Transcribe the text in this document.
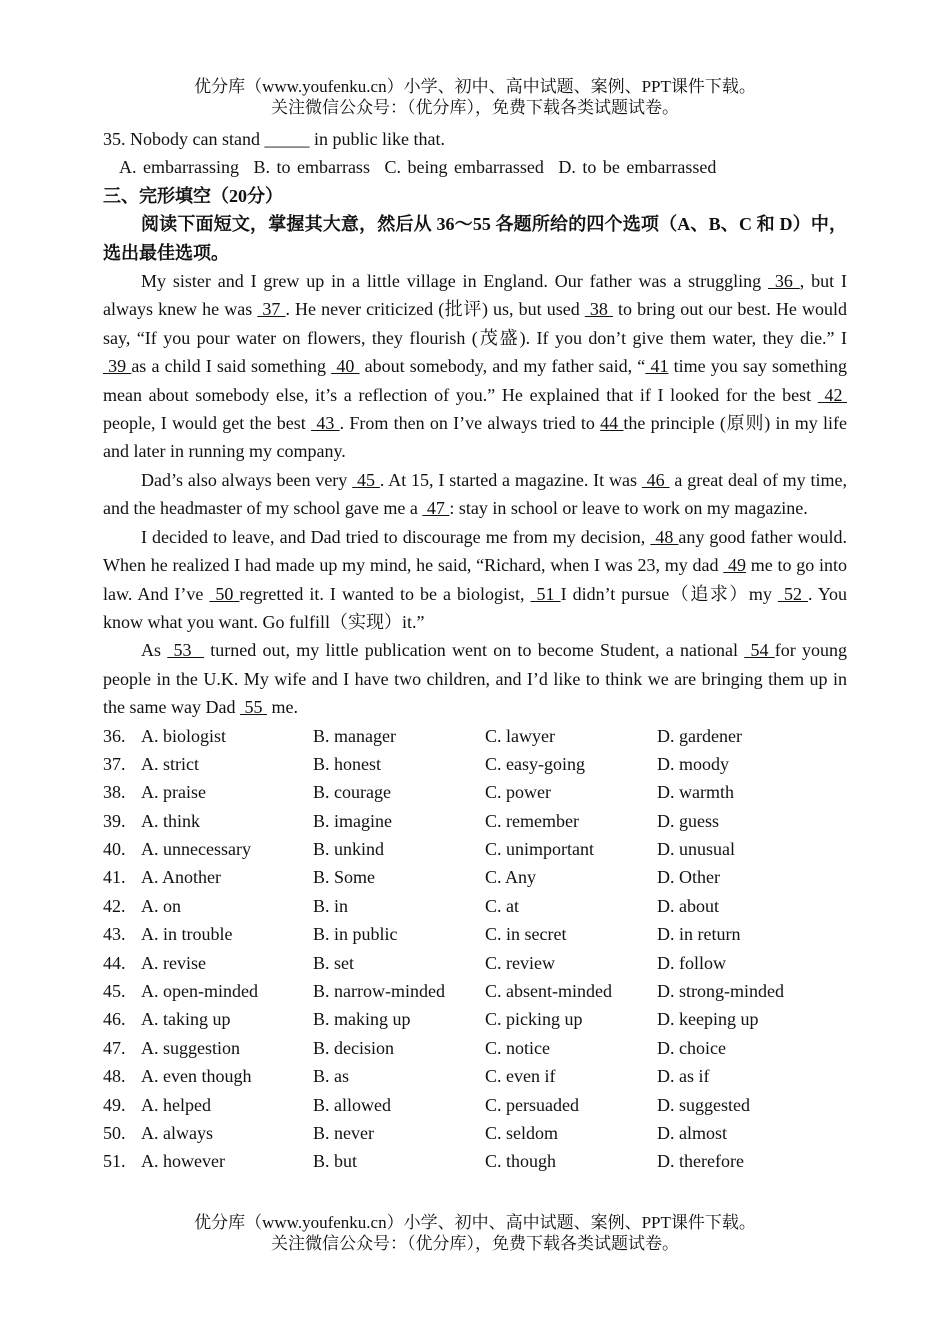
优分库（www.youfenku.cn）小学、初中、高中试题、案例、PPT课件下载。
关注微信公众号：（优分库），免费下载各类试题试卷。
35. Nobody can stand _____ in public like that.
A. embarrassing B. to embarrass C. being embarrassed D. to be embarrassed
三、完形填空（20分）
阅读下面短文，掌握其大意，然后从 36～55 各题所给的四个选项（A、B、C 和 D）中，选出最佳选项。
My sister and I grew up in a little village in England. Our father was a struggling  36 , but I always knew he was  37 . He never criticized (批评) us, but used  38  to bring out our best. He would say, “If you pour water on flowers, they flourish (茂盛). If you don’t give them water, they die.” I  39 as a child I said something  40  about somebody, and my father said, “ 41 time you say something mean about somebody else, it’s a reflection of you.” He explained that if I looked for the best  42  people, I would get the best  43 . From then on I’ve always tried to 44 the principle (原则) in my life and later in running my company.
Dad’s also always been very  45 . At 15, I started a magazine. It was  46  a great deal of my time, and the headmaster of my school gave me a  47 : stay in school or leave to work on my magazine.
I decided to leave, and Dad tried to discourage me from my decision,  48 any good father would. When he realized I had made up my mind, he said, “Richard, when I was 23, my dad  49 me to go into law. And I’ve  50 regretted it. I wanted to be a biologist,  51 I didn’t pursue（追求）my  52 . You know what you want. Go fulfill（实现）it.”
As  53   turned out, my little publication went on to become Student, a national  54 for young people in the U.K. My wife and I have two children, and I’d like to think we are bringing them up in the same way Dad  55  me.
36. A. biologist	B. manager	C. lawyer	D. gardener
37. A. strict	B. honest	C. easy-going	D. moody
38. A. praise	B. courage	C. power	D. warmth
39. A. think	B. imagine	C. remember	D. guess
40. A. unnecessary	B. unkind	C. unimportant	D. unusual
41. A. Another	B. Some	C. Any	D. Other
42. A. on	B. in	C. at	D. about
43. A. in trouble	B. in public	C. in secret	D. in return
44. A. revise	B. set	C. review	D. follow
45. A. open-minded	B. narrow-minded	C. absent-minded	D. strong-minded
46. A. taking up	B. making up	C. picking up	D. keeping up
47. A. suggestion	B. decision	C. notice	D. choice
48. A. even though	B. as	C. even if	D. as if
49. A. helped	B. allowed	C. persuaded	D. suggested
50. A. always	B. never	C. seldom	D. almost
51. A. however	B. but	C. though	D. therefore
优分库（www.youfenku.cn）小学、初中、高中试题、案例、PPT课件下载。
关注微信公众号：（优分库），免费下载各类试题试卷。
